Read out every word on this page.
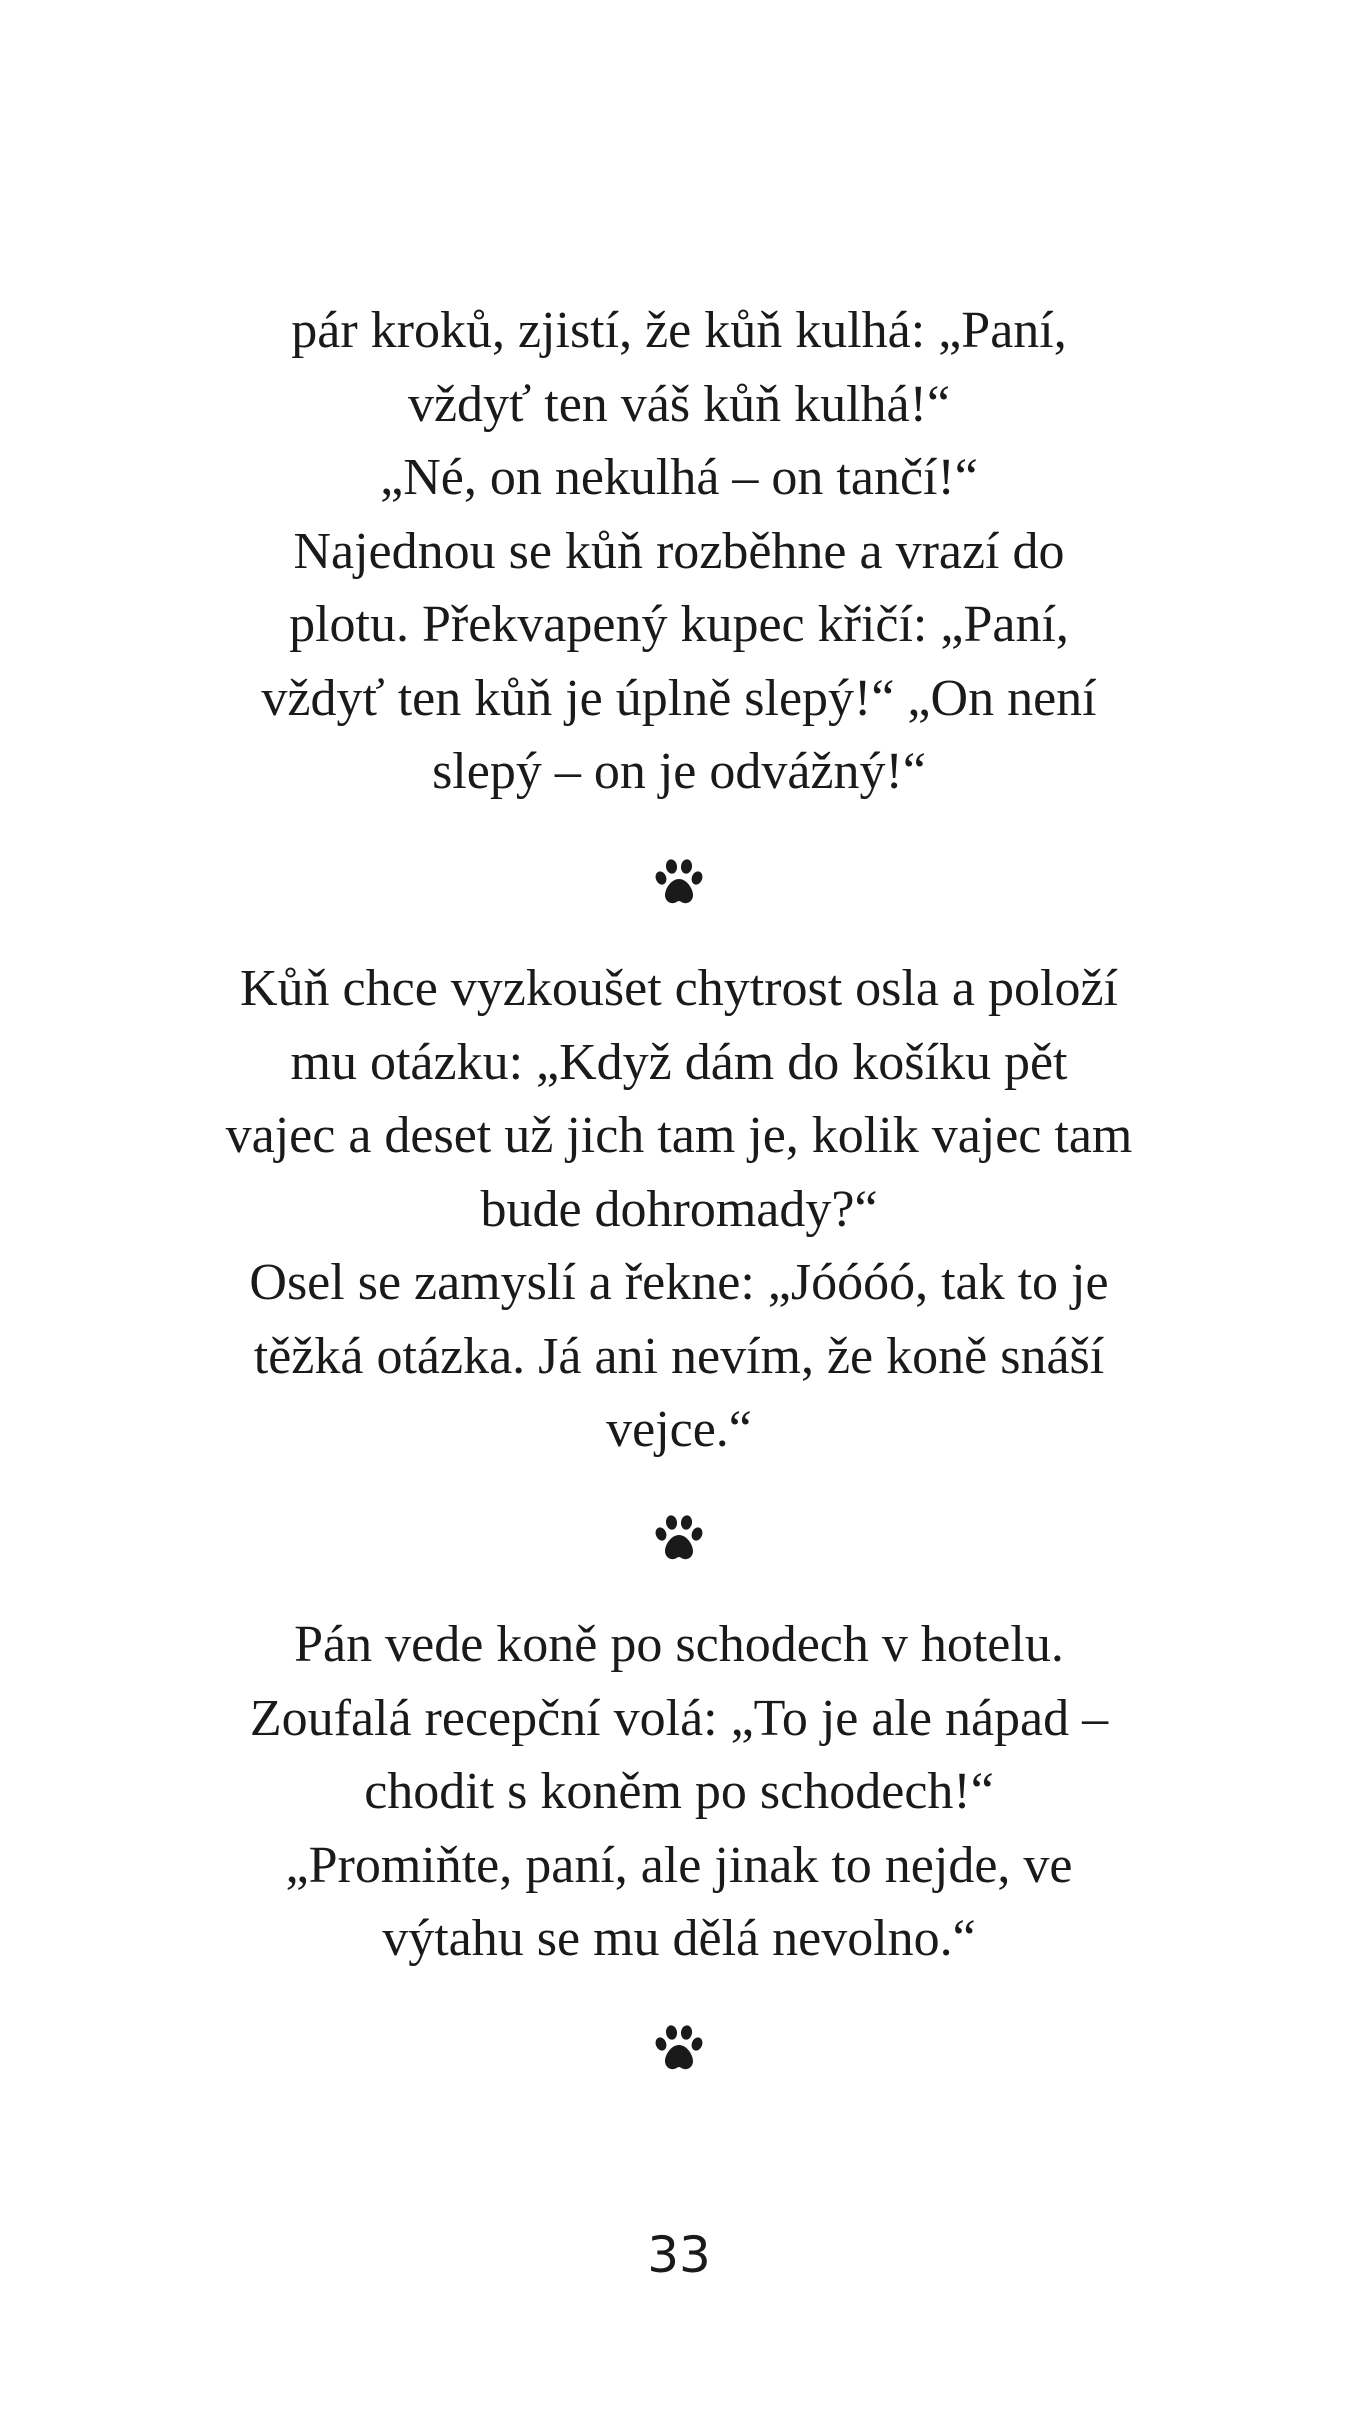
pár kroků, zjistí, že kůň kulhá: „Paní,
vždyť ten váš kůň kulhá!“
„Né, on nekulhá – on tančí!“
Najednou se kůň rozběhne a vrazí do
plotu. Překvapený kupec křičí: „Paní,
vždyť ten kůň je úplně slepý!“ „On není
slepý – on je odvážný!“

Kůň chce vyzkoušet chytrost osla a položí
mu otázku: „Když dám do košíku pět
vajec a deset už jich tam je, kolik vajec tam
bude dohromady?“
Osel se zamyslí a řekne: „Jóóóó, tak to je
těžká otázka. Já ani nevím, že koně snáší
vejce.“

Pán vede koně po schodech v hotelu.
Zoufalá recepční volá: „To je ale nápad –
chodit s koněm po schodech!“
„Promiňte, paní, ale jinak to nejde, ve
výtahu se mu dělá nevolno.“

33
